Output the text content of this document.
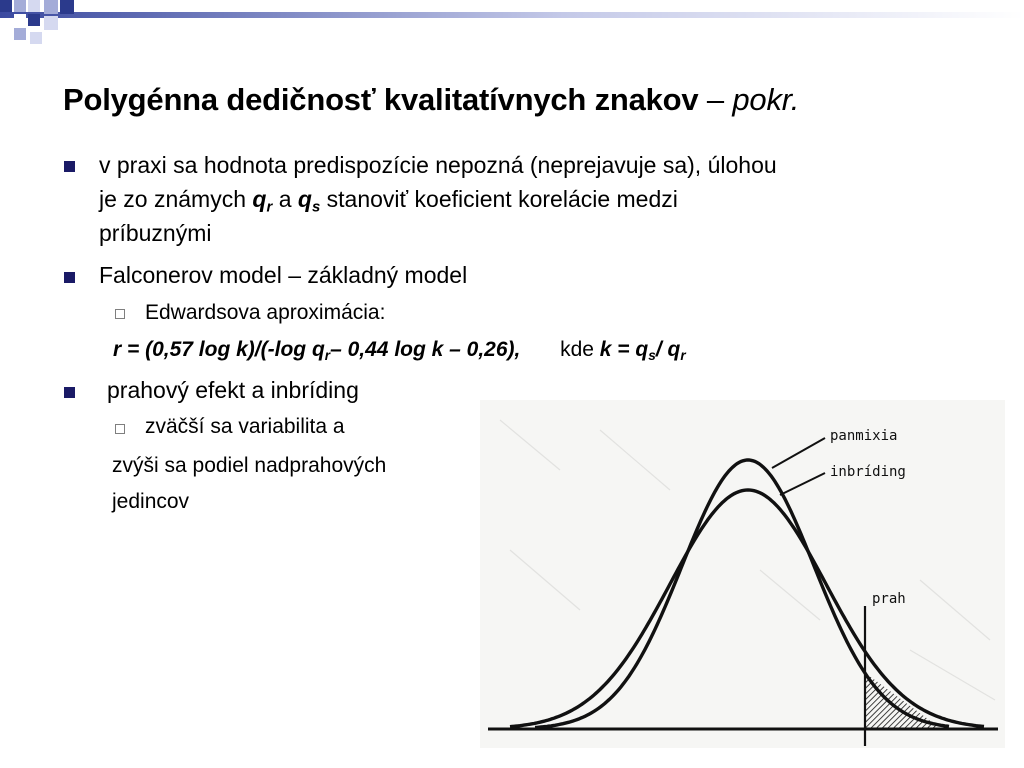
Polygénna dedičnosť kvalitatívnych znakov – pokr.
v praxi sa hodnota predispozície nepozná (neprejavuje sa), úlohou
je zo známych $q_r$ a $q_s$ stanoviť koeficient korelácie medzi
príbuznými
Falconerov model – základný model
Edwardsova aproximácia:
r = (0,57 log k)/(-log $q_r-$ 0,44 log k – 0,26), kde $k = q_s/$ $q_r$
prahový efekt a inbríding
zväčší sa variabilita a
zvýši sa podiel nadprahových
jedincov
panmixia
inbríding
prah
